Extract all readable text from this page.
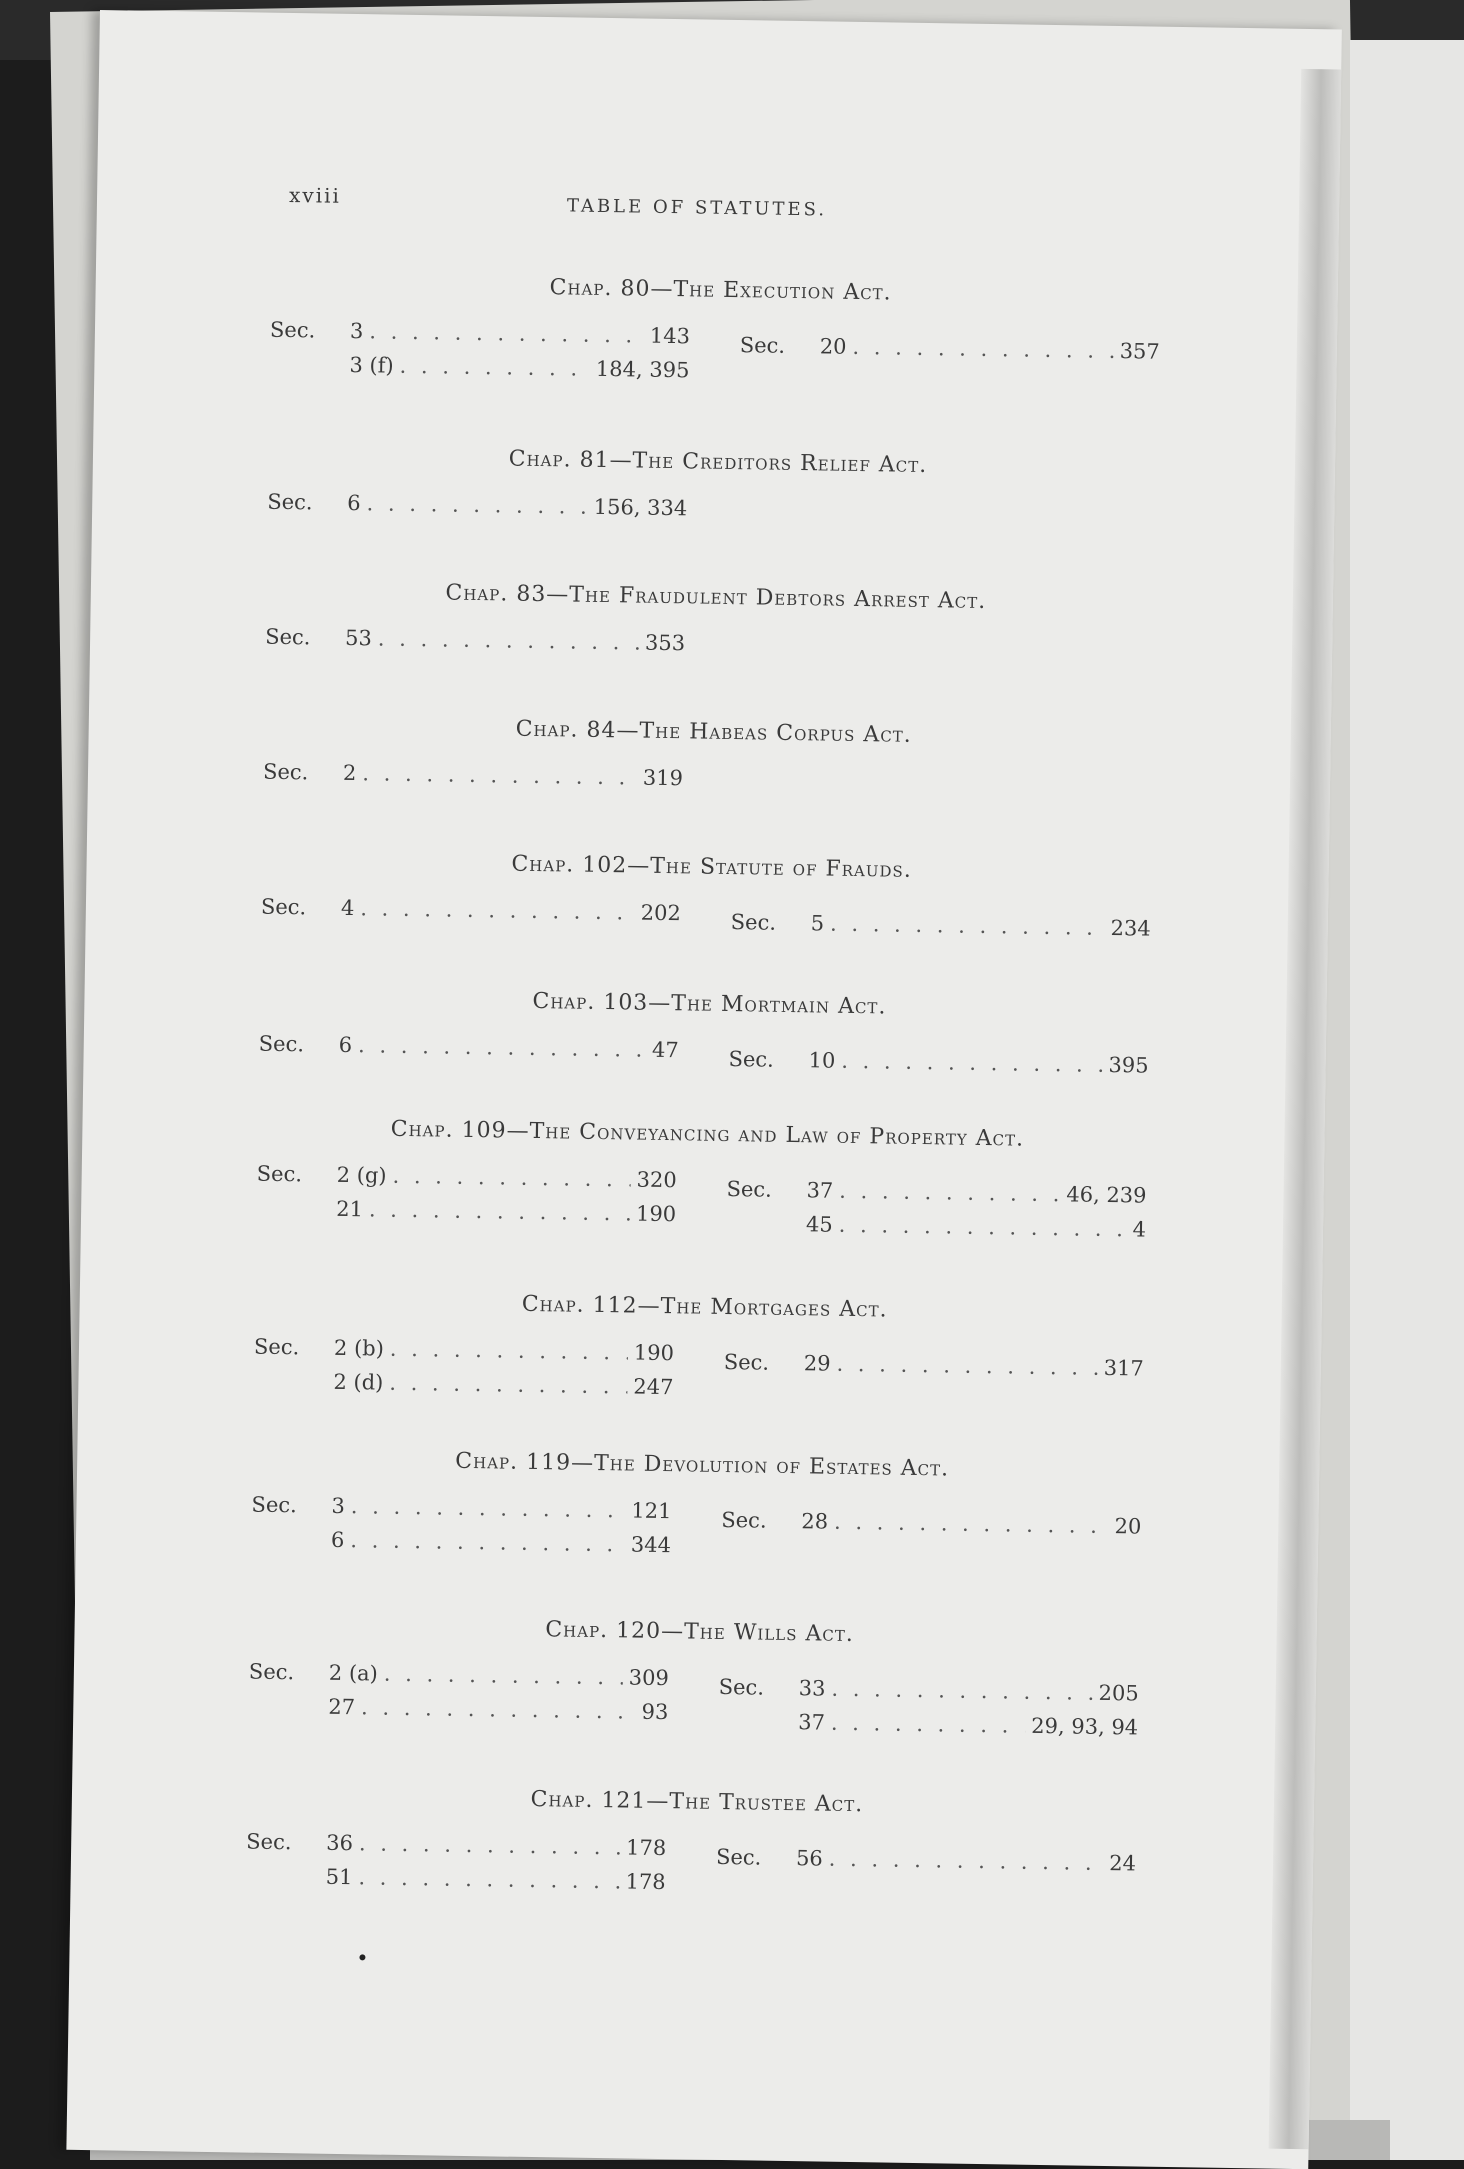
xviii	TABLE OF STATUTES.
Chap. 80—The Execution Act.
Sec.	3 . . .	143
3 (f) . . .	184, 395
Sec.	20 . . .	357
Chap. 81—The Creditors Relief Act.
Sec.	6 . . .	156, 334
Chap. 83—The Fraudulent Debtors Arrest Act.
Sec.	53 . . .	353
Chap. 84—The Habeas Corpus Act.
Sec.	2 . . .	319
Chap. 102—The Statute of Frauds.
Sec.	4 . . .	202 Sec.	5 . . .	234
Chap. 103—The Mortmain Act.
Sec.	6 . . .	47 Sec.	10 . . .	395
Chap. 109—The Conveyancing and Law of Property Act.
Sec.	2 (g) . . .	320
21 . . .	190
Sec.	37 . . .	46, 239
45 . . .	4
Chap. 112—The Mortgages Act.
Sec.	2 (b) . . .	190
2 (d) . . .	247
Sec.	29 . . .	317
Chap. 119—The Devolution of Estates Act.
Sec.	3 . . .	121
6 . . .	344
Sec.	28 . . .	20
Chap. 120—The Wills Act.
Sec.	2 (a) . . .	309
27 . . .	93
Sec.	33 . . .	205
37 . . .	29, 93, 94
Chap. 121—The Trustee Act.
Sec.	36 . . .	178
51 . . .	178
Sec.	56 . . .	24
